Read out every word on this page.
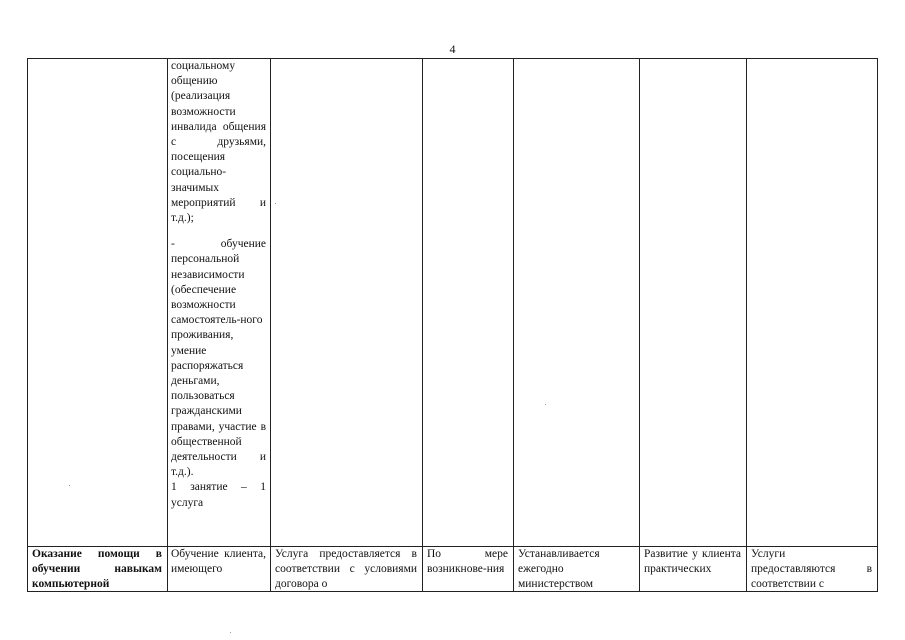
4

социальному общению (реализация возможности инвалида общения с друзьями, посещения социально-значимых мероприятий и т.д.);

- обучение персональной независимости (обеспечение возможности самостоятель-ного проживания, умение распоряжаться деньгами, пользоваться гражданскими правами, участие в общественной деятельности и т.д.).

1 занятие – 1 услуга

Оказание помощи в обучении навыкам компьютерной
Обучение клиента, имеющего
Услуга предоставляется в соответствии с условиями договора о
По мере возникнове-ния
Устанавливается ежегодно министерством
Развитие у клиента практических
Услуги предоставляются в соответствии с
